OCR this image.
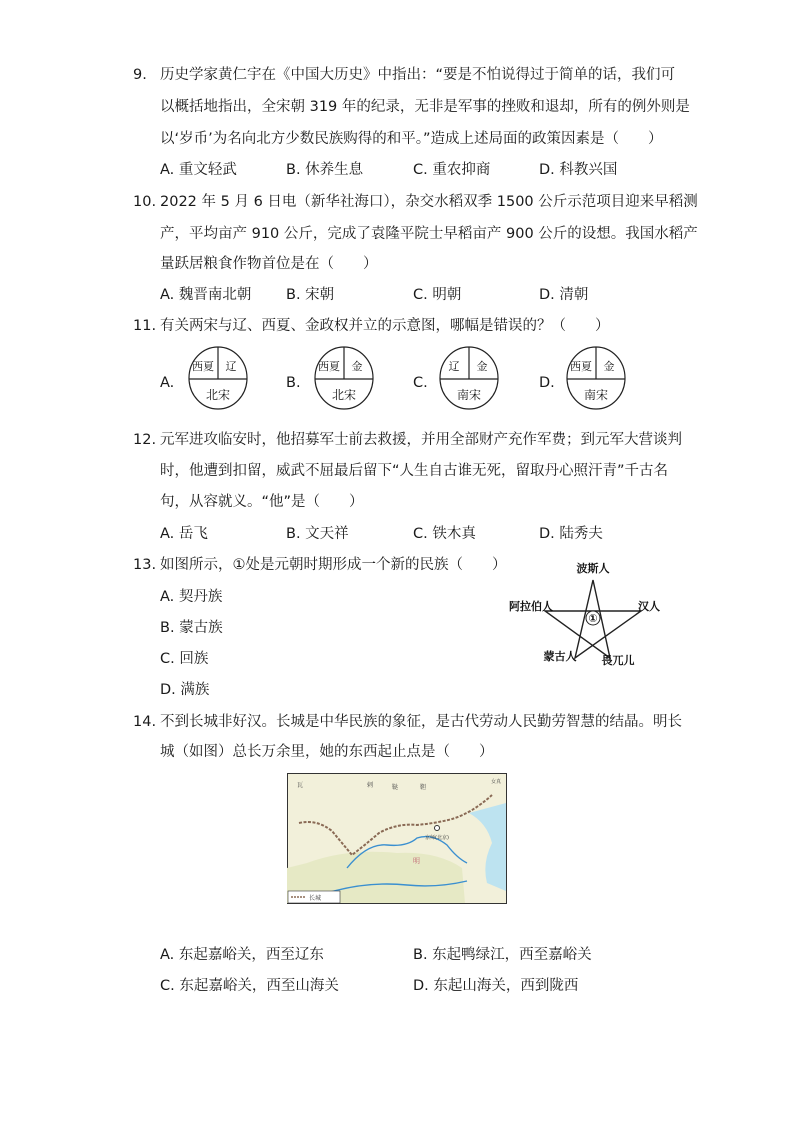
9. 历史学家黄仁宇在《中国大历史》中指出：“要是不怕说得过于简单的话，我们可
以概括地指出，全宋朝 319 年的纪录，无非是军事的挫败和退却，所有的例外则是
以‘岁币’为名向北方少数民族购得的和平。”造成上述局面的政策因素是（　　）
A. 重文轻武	B. 休养生息	C. 重农抑商	D. 科教兴国
10. 2022 年 5 月 6 日电（新华社海口），杂交水稻双季 1500 公斤示范项目迎来早稻测
产，平均亩产 910 公斤，完成了袁隆平院士早稻亩产 900 公斤的设想。我国水稻产
量跃居粮食作物首位是在（　　）
A. 魏晋南北朝 B. 宋朝	C. 明朝	D. 清朝
11. 有关两宋与辽、西夏、金政权并立的示意图，哪幅是错误的？（　　）
A.
西夏 辽
北宋
B.
西夏 金
北宋
C.
辽 金
南宋
D.
西夏 金
南宋
12. 元军进攻临安时，他招募军士前去救援，并用全部财产充作军费；到元军大营谈判
时，他遭到扣留，威武不屈最后留下“人生自古谁无死，留取丹心照汗青”千古名
句，从容就义。“他”是（　　）
A. 岳飞	B. 文天祥	C. 铁木真	D. 陆秀夫
13. 如图所示，①处是元朝时期形成一个新的民族（　　）
A. 契丹族
B. 蒙古族
C. 回族
D. 满族
①
波斯人
阿拉伯人	汉人
蒙古人 畏兀儿
14. 不到长城非好汉。长城是中华民族的象征，是古代劳动人民勤劳智慧的结晶。明长
城（如图）总长万余里，她的东西起止点是（　　）
京师(北京)
瓦	剌	鞑	靼
女真
明
长城
A. 东起嘉峪关，西至辽东	B. 东起鸭绿江，西至嘉峪关
C. 东起嘉峪关，西至山海关	D. 东起山海关，西到陇西
